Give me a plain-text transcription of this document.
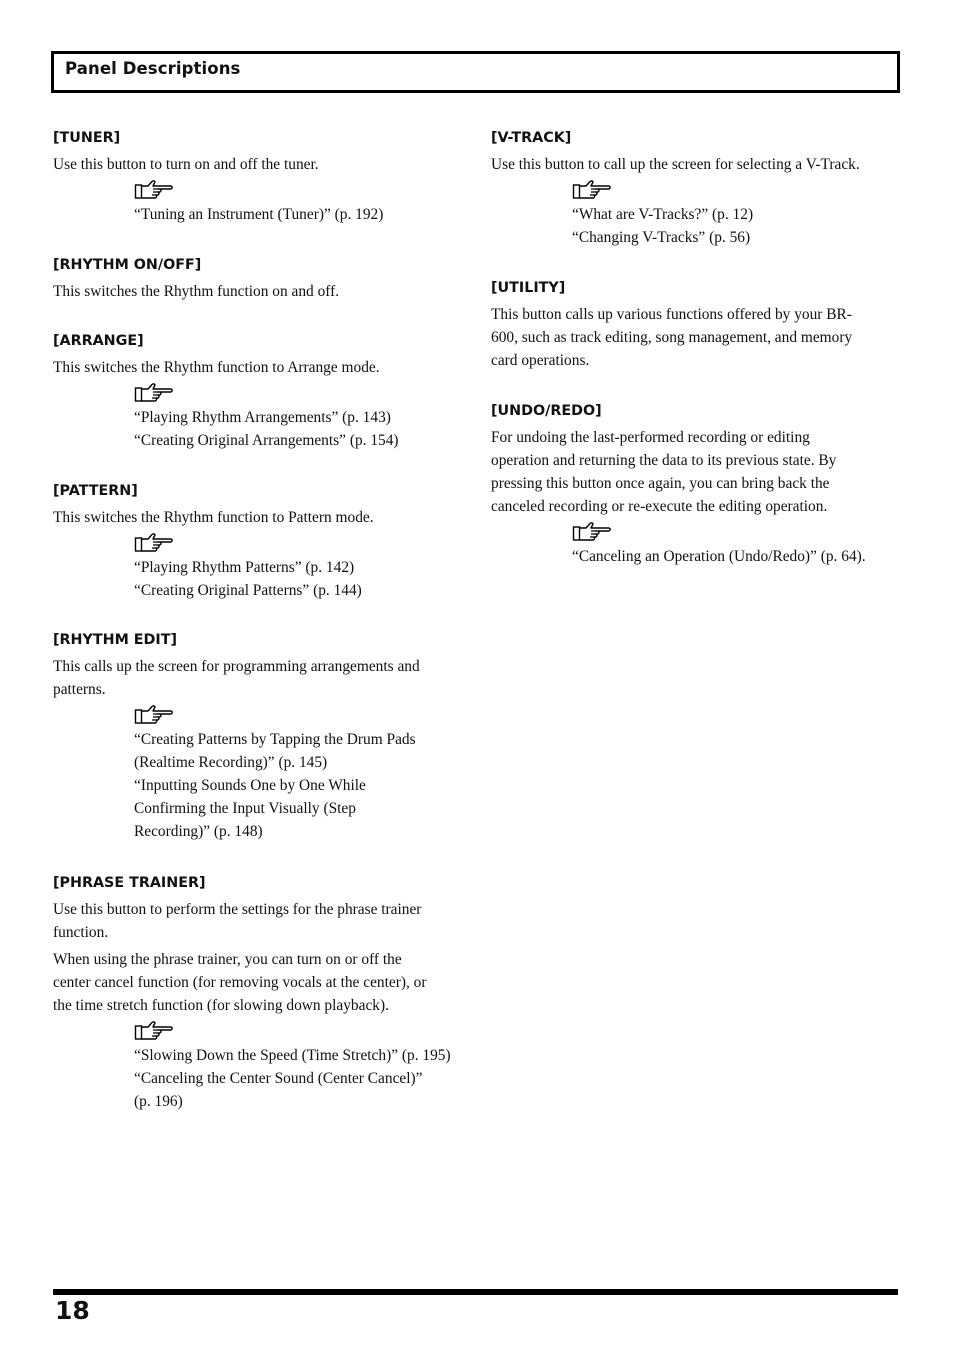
Panel Descriptions
[TUNER]
Use this button to turn on and off the tuner.
“Tuning an Instrument (Tuner)” (p. 192)
[RHYTHM ON/OFF]
This switches the Rhythm function on and off.
[ARRANGE]
This switches the Rhythm function to Arrange mode.
“Playing Rhythm Arrangements” (p. 143)
“Creating Original Arrangements” (p. 154)
[PATTERN]
This switches the Rhythm function to Pattern mode.
“Playing Rhythm Patterns” (p. 142)
“Creating Original Patterns” (p. 144)
[RHYTHM EDIT]
This calls up the screen for programming arrangements and
patterns.
“Creating Patterns by Tapping the Drum Pads
(Realtime Recording)” (p. 145)
“Inputting Sounds One by One While
Confirming the Input Visually (Step
Recording)” (p. 148)
[PHRASE TRAINER]
Use this button to perform the settings for the phrase trainer
function.
When using the phrase trainer, you can turn on or off the
center cancel function (for removing vocals at the center), or
the time stretch function (for slowing down playback).
“Slowing Down the Speed (Time Stretch)” (p. 195)
“Canceling the Center Sound (Center Cancel)”
(p. 196)
[V-TRACK]
Use this button to call up the screen for selecting a V-Track.
“What are V-Tracks?” (p. 12)
“Changing V-Tracks” (p. 56)
[UTILITY]
This button calls up various functions offered by your BR-
600, such as track editing, song management, and memory
card operations.
[UNDO/REDO]
For undoing the last-performed recording or editing
operation and returning the data to its previous state. By
pressing this button once again, you can bring back the
canceled recording or re-execute the editing operation.
“Canceling an Operation (Undo/Redo)” (p. 64).
18
